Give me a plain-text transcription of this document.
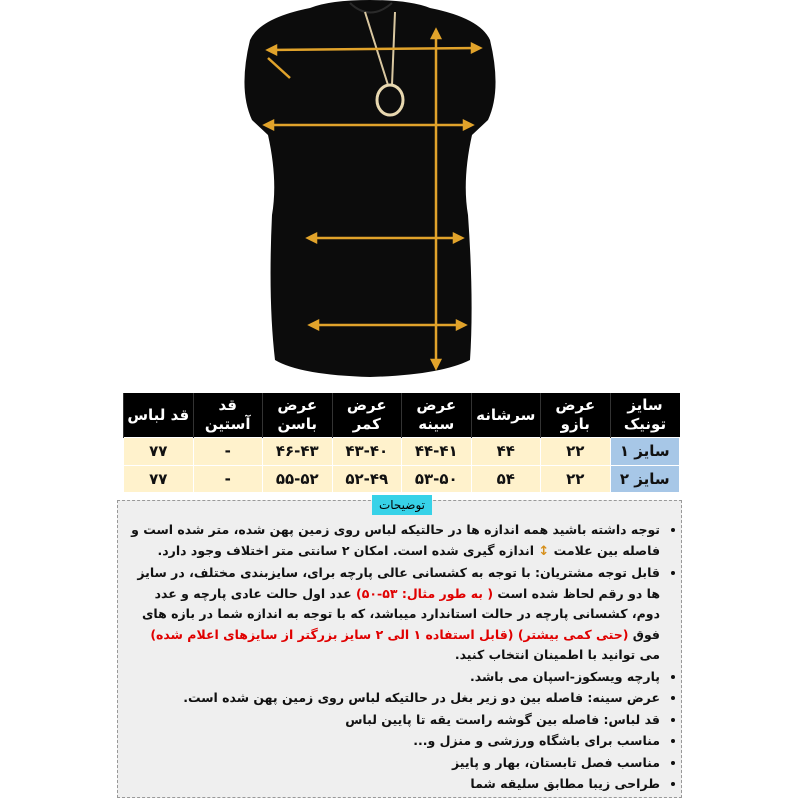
سایز تونیک	عرض بازو	سرشانه	عرض سینه	عرض کمر	عرض باسن	قد آستین	قد لباس
سایز ۱	۲۲	۴۴	۴۴-۴۱	۴۳-۴۰	۴۶-۴۳	-	۷۷
سایز ۲	۲۲	۵۴	۵۳-۵۰	۵۲-۴۹	۵۵-۵۲	-	۷۷
توضیحات
• توجه داشته باشید همه اندازه ها در حالتیکه لباس روی زمین پهن شده، متر شده است و فاصله بین علامت ↕ اندازه گیری شده است. امکان ۲ سانتی متر اختلاف وجود دارد.
• قابل توجه مشتریان: با توجه به کشسانی عالی پارچه برای، سایزبندی مختلف، در سایز ها دو رقم لحاظ شده است ( به طور مثال: ۵۳-۵۰) عدد اول حالت عادی پارچه و عدد دوم، کشسانی پارچه در حالت استاندارد میباشد، که با توجه به اندازه شما در بازه های فوق (حتی کمی بیشتر) (قابل استفاده ۱ الی ۲ سایز بزرگتر از سایزهای اعلام شده) می توانید با اطمینان انتخاب کنید.
• پارچه ویسکوز-اسپان می باشد.
• عرض سینه: فاصله بین دو زیر بغل در حالتیکه لباس روی زمین پهن شده است.
• قد لباس: فاصله بین گوشه راست یقه تا پایین لباس
• مناسب برای باشگاه ورزشی و منزل و...
• مناسب فصل تابستان، بهار و پاییز
• طراحی زیبا مطابق سلیقه شما
